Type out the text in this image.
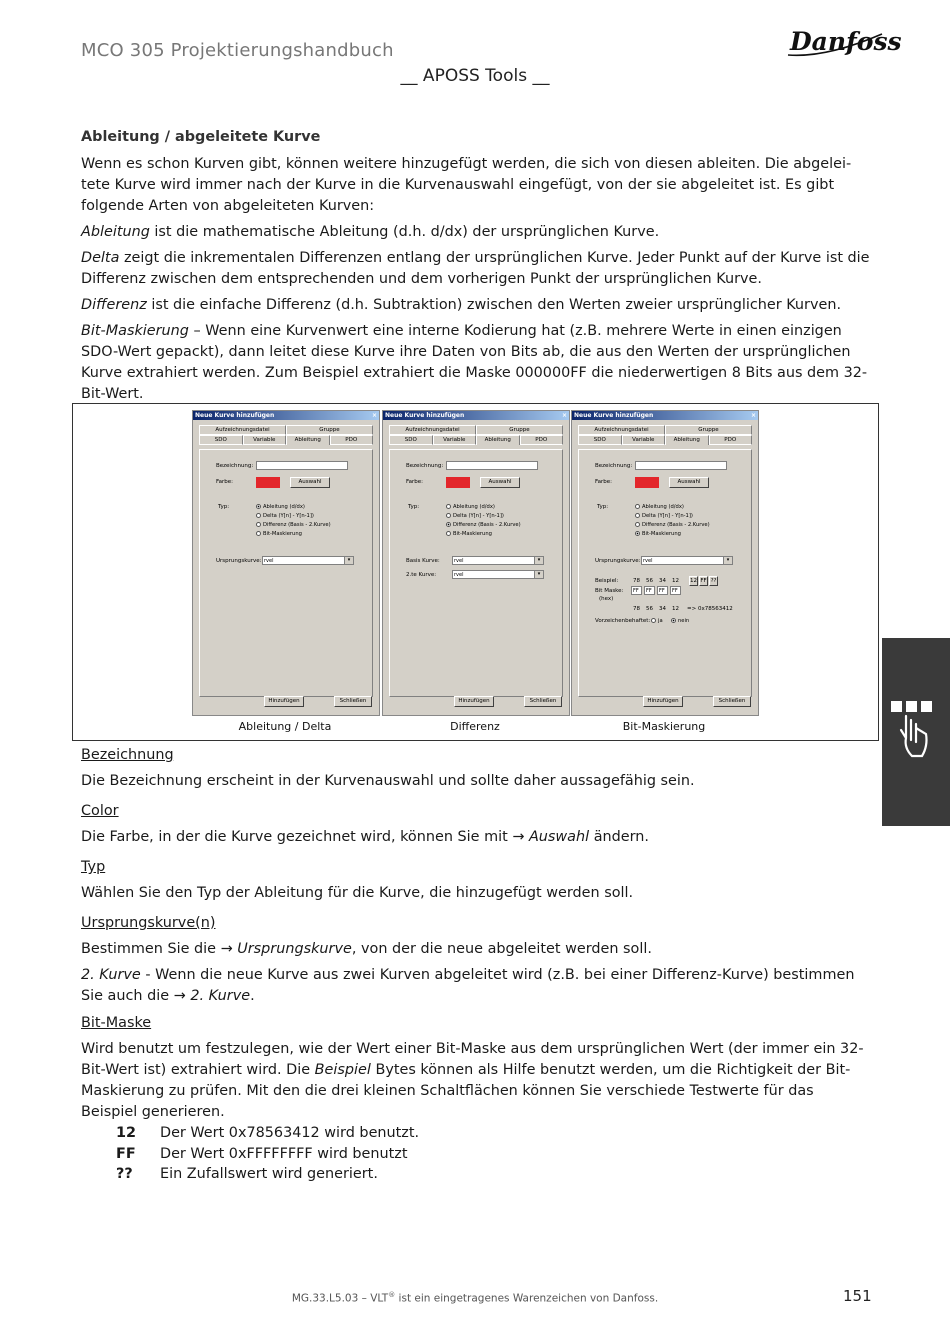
MCO 305 Projektierungshandbuch
__ APOSS Tools __
Danfoss

Ableitung / abgeleitete Kurve

Wenn es schon Kurven gibt, können weitere hinzugefügt werden, die sich von diesen ableiten. Die abgelei-tete Kurve wird immer nach der Kurve in die Kurvenauswahl eingefügt, von der sie abgeleitet ist. Es gibt folgende Arten von abgeleiteten Kurven:

Ableitung ist die mathematische Ableitung (d.h. d/dx) der ursprünglichen Kurve.

Delta zeigt die inkrementalen Differenzen entlang der ursprünglichen Kurve. Jeder Punkt auf der Kurve ist die Differenz zwischen dem entsprechenden und dem vorherigen Punkt der ursprünglichen Kurve.

Differenz ist die einfache Differenz (d.h. Subtraktion) zwischen den Werten zweier ursprünglicher Kurven.

Bit-Maskierung – Wenn eine Kurvenwert eine interne Kodierung hat (z.B. mehrere Werte in einen einzigen SDO-Wert gepackt), dann leitet diese Kurve ihre Daten von Bits ab, die aus den Werten der ursprünglichen Kurve extrahiert werden. Zum Beispiel extrahiert die Maske 000000FF die niederwertigen 8 Bits aus dem 32-Bit-Wert.

Neue Kurve hinzufügen	×
Aufzeichnungsdatei	Gruppe
SDO	Variable	Ableitung	PDO
Bezeichnung:
Farbe:	Auswahl
Typ:	Ableitung (d/dx)
Delta (Y[n] - Y[n-1])
Differenz (Basis - 2.Kurve)
Bit-Maskierung
Ursprungskurve: rvel	▾
Hinzufügen	Schließen
Neue Kurve hinzufügen	×
Aufzeichnungsdatei	Gruppe
SDO	Variable	Ableitung	PDO
Bezeichnung:
Farbe:	Auswahl
Typ:	Ableitung (d/dx)
Delta (Y[n] - Y[n-1])
Differenz (Basis - 2.Kurve)
Bit-Maskierung
Basis Kurve:	rvel	▾
2.te Kurve:	rvel	▾
Hinzufügen	Schließen
Neue Kurve hinzufügen	×
Aufzeichnungsdatei	Gruppe
SDO	Variable	Ableitung	PDO
Bezeichnung:
Farbe:	Auswahl
Typ:	Ableitung (d/dx)
Delta (Y[n] - Y[n-1])
Differenz (Basis - 2.Kurve)
Bit-Maskierung
Ursprungskurve: rvel	▾
Beispiel:	78 56 34 12 12 FF ??
Bit Maske:
(hex)
FF	FF	FF	FF
78 56 34 12 => 0x78563412
Vorzeichenbehaftet:	ja	nein
Hinzufügen	Schließen
Ableitung / Delta	Differenz	Bit-Maskierung

Bezeichnung

Die Bezeichnung erscheint in der Kurvenauswahl und sollte daher aussagefähig sein.

Color

Die Farbe, in der die Kurve gezeichnet wird, können Sie mit → Auswahl ändern.

Typ

Wählen Sie den Typ der Ableitung für die Kurve, die hinzugefügt werden soll.

Ursprungskurve(n)

Bestimmen Sie die → Ursprungskurve, von der die neue abgeleitet werden soll.

2. Kurve - Wenn die neue Kurve aus zwei Kurven abgeleitet wird (z.B. bei einer Differenz-Kurve) bestimmen Sie auch die → 2. Kurve.

Bit-Maske

Wird benutzt um festzulegen, wie der Wert einer Bit-Maske aus dem ursprünglichen Wert (der immer ein 32-Bit-Wert ist) extrahiert wird. Die Beispiel Bytes können als Hilfe benutzt werden, um die Richtigkeit der Bit-Maskierung zu prüfen. Mit den die drei kleinen Schaltflächen können Sie verschiede Testwerte für das Beispiel generieren.

12	Der Wert 0x78563412 wird benutzt.
FF	Der Wert 0xFFFFFFFF wird benutzt
??	Ein Zufallswert wird generiert.
MG.33.L5.03 – VLT® ist ein eingetragenes Warenzeichen von Danfoss.	151
